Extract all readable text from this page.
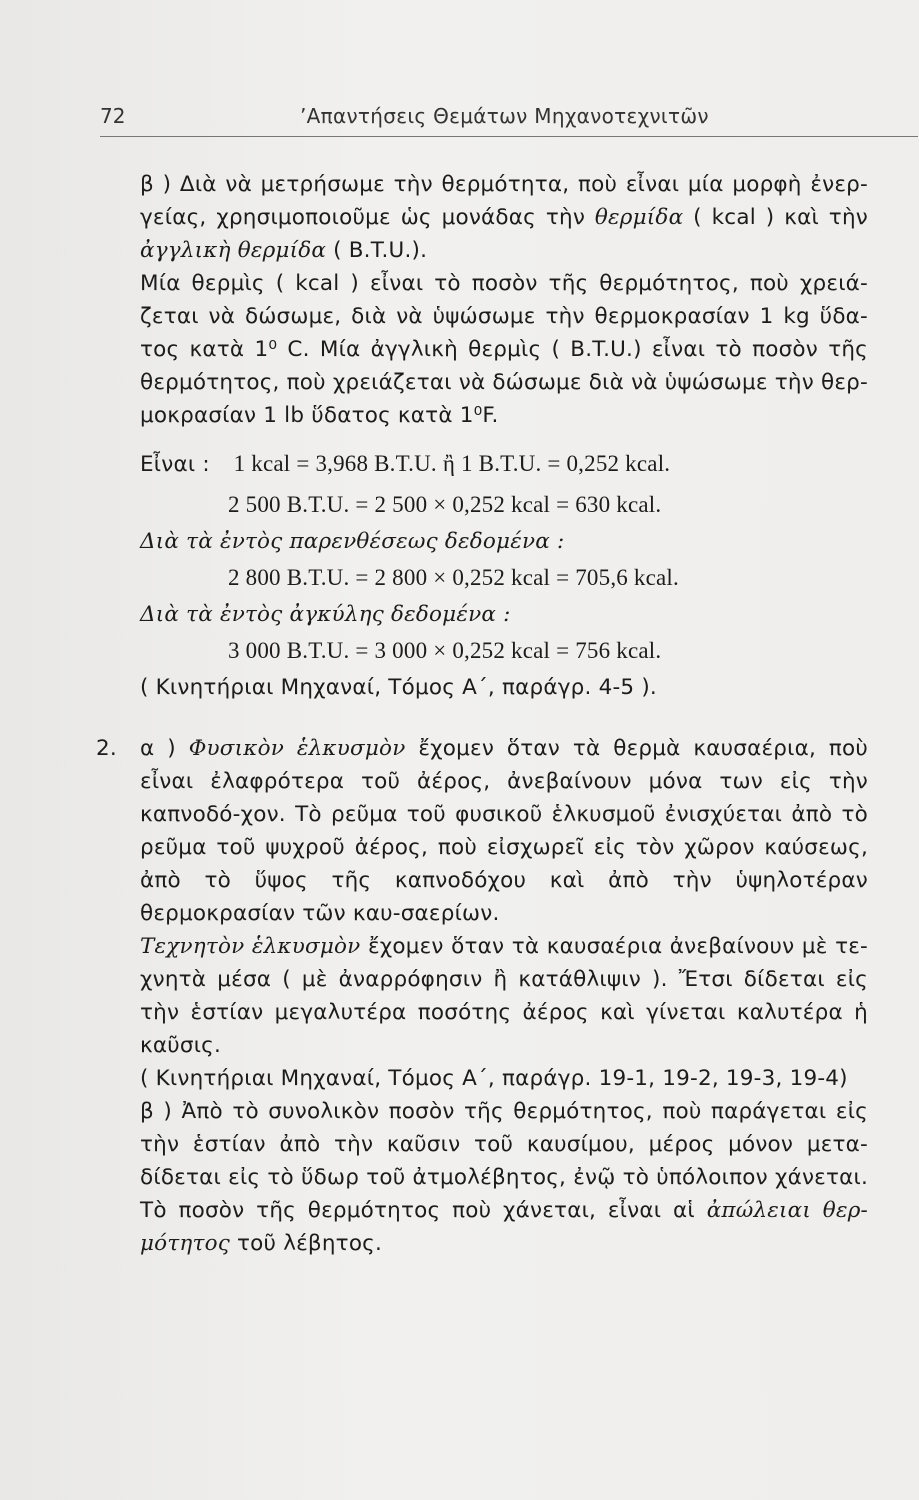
72	’Απαντήσεις Θεμάτων Μηχανοτεχνιτῶν

β ) Διὰ νὰ μετρήσωμε τὴν θερμότητα, ποὺ εἶναι μία μορφὴ ἐνερ-γείας, χρησιμοποιοῦμε ὡς μονάδας τὴν θερμίδα ( kcal ) καὶ τὴν ἀγγλικὴ θερμίδα ( B.T.U.).

Μία θερμὶς ( kcal ) εἶναι τὸ ποσὸν τῆς θερμότητος, ποὺ χρειά-ζεται νὰ δώσωμε, διὰ νὰ ὑψώσωμε τὴν θερμοκρασίαν 1 kg ὕδα-τος κατὰ 1⁰ C. Μία ἀγγλικὴ θερμὶς ( B.T.U.) εἶναι τὸ ποσὸν τῆς θερμότητος, ποὺ χρειάζεται νὰ δώσωμε διὰ νὰ ὑψώσωμε τὴν θερ-μοκρασίαν 1 lb ὕδατος κατὰ 1⁰F.

Εἶναι : 1 kcal = 3,968 B.T.U. ἢ 1 B.T.U. = 0,252 kcal.
2 500 B.T.U. = 2 500 × 0,252 kcal = 630 kcal.

Διὰ τὰ ἐντὸς παρενθέσεως δεδομένα :

2 800 B.T.U. = 2 800 × 0,252 kcal = 705,6 kcal.

Διὰ τὰ ἐντὸς ἀγκύλης δεδομένα :

3 000 B.T.U. = 3 000 × 0,252 kcal = 756 kcal.

( Κινητήριαι Μηχαναί, Τόμος Α΄, παράγρ. 4-5 ).

2. α ) Φυσικὸν ἑλκυσμὸν ἔχομεν ὅταν τὰ θερμὰ καυσαέρια, ποὺ εἶναι ἐλαφρότερα τοῦ ἀέρος, ἀνεβαίνουν μόνα των εἰς τὴν καπνοδό-χον. Τὸ ρεῦμα τοῦ φυσικοῦ ἑλκυσμοῦ ἐνισχύεται ἀπὸ τὸ ρεῦμα τοῦ ψυχροῦ ἀέρος, ποὺ εἰσχωρεῖ εἰς τὸν χῶρον καύσεως, ἀπὸ τὸ ὕψος τῆς καπνοδόχου καὶ ἀπὸ τὴν ὑψηλοτέραν θερμοκρασίαν τῶν καυ-σαερίων.

Τεχνητὸν ἑλκυσμὸν ἔχομεν ὅταν τὰ καυσαέρια ἀνεβαίνουν μὲ τε-χνητὰ μέσα ( μὲ ἀναρρόφησιν ἢ κατάθλιψιν ). Ἔτσι δίδεται εἰς τὴν ἑστίαν μεγαλυτέρα ποσότης ἀέρος καὶ γίνεται καλυτέρα ἡ καῦσις.

( Κινητήριαι Μηχαναί, Τόμος Α΄, παράγρ. 19-1, 19-2, 19-3, 19-4)

β ) Ἀπὸ τὸ συνολικὸν ποσὸν τῆς θερμότητος, ποὺ παράγεται εἰς τὴν ἑστίαν ἀπὸ τὴν καῦσιν τοῦ καυσίμου, μέρος μόνον μετα-δίδεται εἰς τὸ ὕδωρ τοῦ ἀτμολέβητος, ἐνῷ τὸ ὑπόλοιπον χάνεται. Τὸ ποσὸν τῆς θερμότητος ποὺ χάνεται, εἶναι αἱ ἀπώλειαι θερ-μότητος τοῦ λέβητος.
